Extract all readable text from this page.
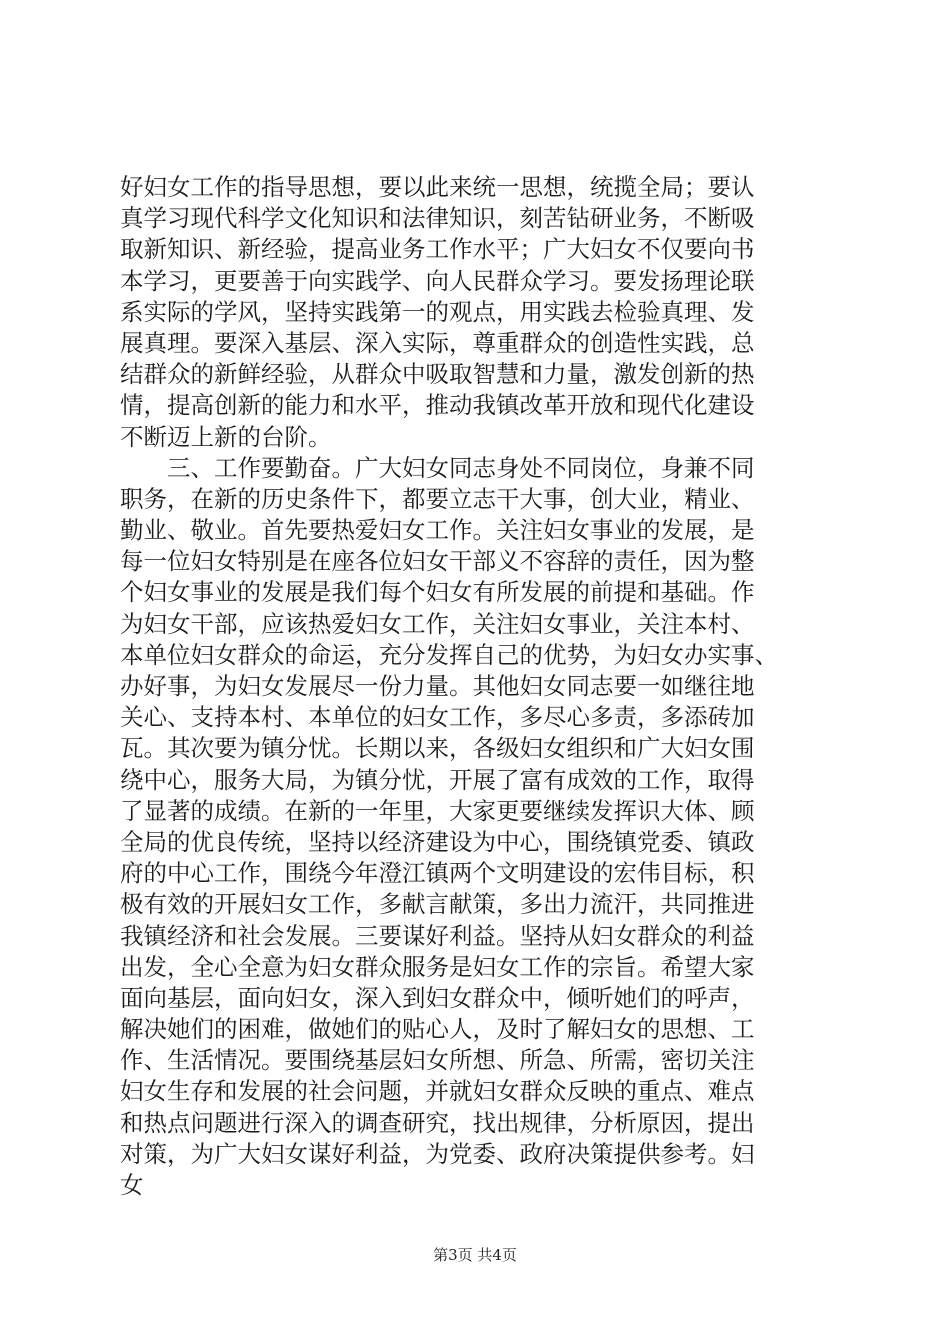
好妇女工作的指导思想，要以此来统一思想，统揽全局；要认
真学习现代科学文化知识和法律知识，刻苦钻研业务，不断吸
取新知识、新经验，提高业务工作水平；广大妇女不仅要向书
本学习，更要善于向实践学、向人民群众学习。要发扬理论联
系实际的学风，坚持实践第一的观点，用实践去检验真理、发
展真理。要深入基层、深入实际，尊重群众的创造性实践，总
结群众的新鲜经验，从群众中吸取智慧和力量，激发创新的热
情，提高创新的能力和水平，推动我镇改革开放和现代化建设
不断迈上新的台阶。
三、工作要勤奋。广大妇女同志身处不同岗位，身兼不同
职务，在新的历史条件下，都要立志干大事，创大业，精业、
勤业、敬业。首先要热爱妇女工作。关注妇女事业的发展，是
每一位妇女特别是在座各位妇女干部义不容辞的责任，因为整
个妇女事业的发展是我们每个妇女有所发展的前提和基础。作
为妇女干部，应该热爱妇女工作，关注妇女事业，关注本村、
本单位妇女群众的命运，充分发挥自己的优势，为妇女办实事、
办好事，为妇女发展尽一份力量。其他妇女同志要一如继往地
关心、支持本村、本单位的妇女工作，多尽心多责，多添砖加
瓦。其次要为镇分忧。长期以来，各级妇女组织和广大妇女围
绕中心，服务大局，为镇分忧，开展了富有成效的工作，取得
了显著的成绩。在新的一年里，大家更要继续发挥识大体、顾
全局的优良传统，坚持以经济建设为中心，围绕镇党委、镇政
府的中心工作，围绕今年澄江镇两个文明建设的宏伟目标，积
极有效的开展妇女工作，多献言献策，多出力流汗，共同推进
我镇经济和社会发展。三要谋好利益。坚持从妇女群众的利益
出发，全心全意为妇女群众服务是妇女工作的宗旨。希望大家
面向基层，面向妇女，深入到妇女群众中，倾听她们的呼声，
解决她们的困难，做她们的贴心人，及时了解妇女的思想、工
作、生活情况。要围绕基层妇女所想、所急、所需，密切关注
妇女生存和发展的社会问题，并就妇女群众反映的重点、难点
和热点问题进行深入的调查研究，找出规律，分析原因，提出
对策，为广大妇女谋好利益，为党委、政府决策提供参考。妇
女
第3页 共4页
